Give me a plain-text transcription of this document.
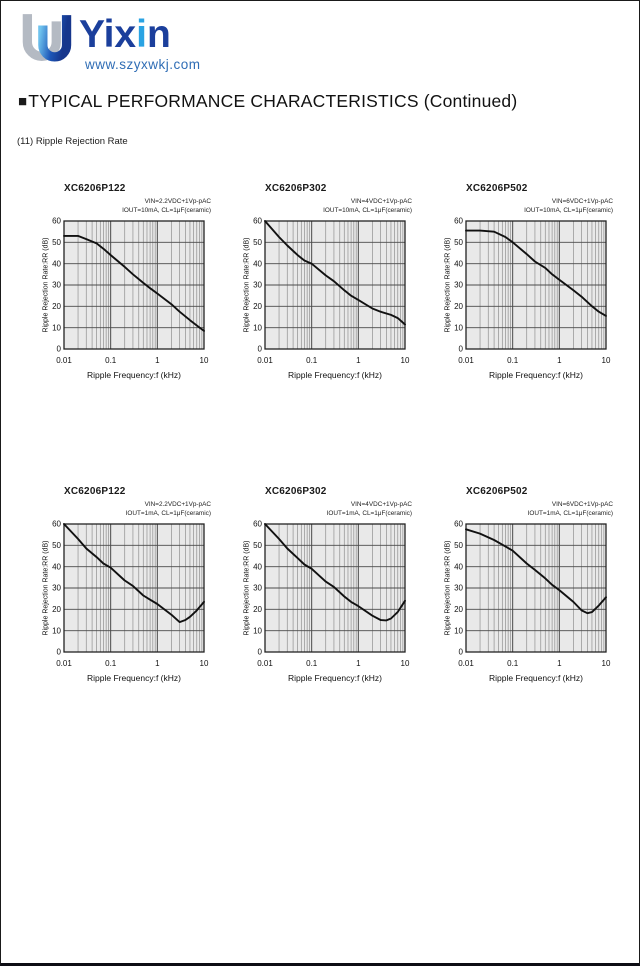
Yixin
www.szyxwkj.com
■TYPICAL PERFORMANCE CHARACTERISTICS (Continued)
(11) Ripple Rejection Rate
XC6206P122
VIN=2.2VDC+1Vp-pAC
IOUT=10mA, CL=1μF(ceramic)
Ripple Rejection Rate:RR (dB)
0
10
20
30
40
50
60
0.01	0.1	1	10
Ripple Frequency:f (kHz)
XC6206P302
VIN=4VDC+1Vp-pAC
IOUT=10mA, CL=1μF(ceramic)
Ripple Rejection Rate:RR (dB)
0
10
20
30
40
50
60
0.01	0.1	1	10
Ripple Frequency:f (kHz)
XC6206P502
VIN=6VDC+1Vp-pAC
IOUT=10mA, CL=1μF(ceramic)
Ripple Rejection Rate:RR (dB)
0
10
20
30
40
50
60
0.01	0.1	1	10
Ripple Frequency:f (kHz)
XC6206P122
VIN=2.2VDC+1Vp-pAC
IOUT=1mA, CL=1μF(ceramic)
Ripple Rejection Rate:RR (dB)
0
10
20
30
40
50
60
0.01	0.1	1	10
Ripple Frequency:f (kHz)
XC6206P302
VIN=4VDC+1Vp-pAC
IOUT=1mA, CL=1μF(ceramic)
Ripple Rejection Rate:RR (dB)
0
10
20
30
40
50
60
0.01	0.1	1	10
Ripple Frequency:f (kHz)
XC6206P502
VIN=6VDC+1Vp-pAC
IOUT=1mA, CL=1μF(ceramic)
Ripple Rejection Rate:RR (dB)
0
10
20
30
40
50
60
0.01	0.1	1	10
Ripple Frequency:f (kHz)
